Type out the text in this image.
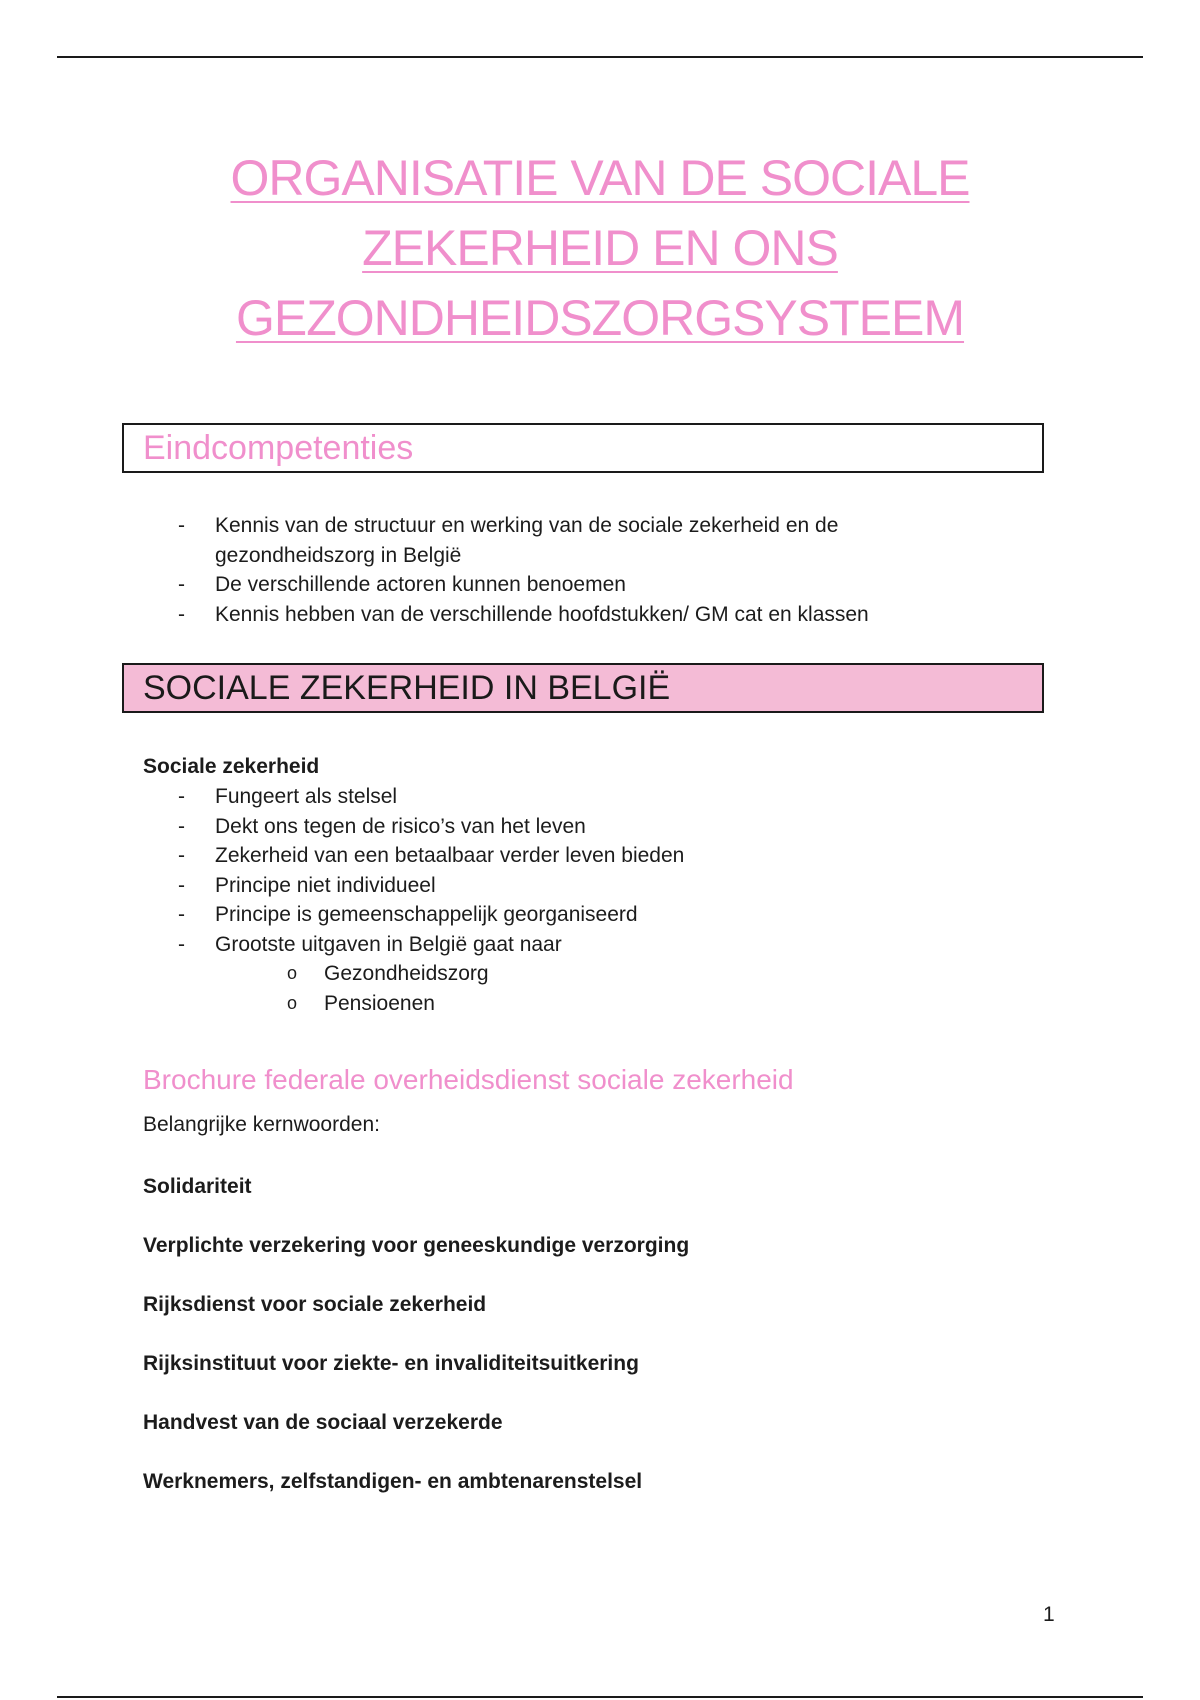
ORGANISATIE VAN DE SOCIALE
ZEKERHEID EN ONS
GEZONDHEIDSZORGSYSTEEM
Eindcompetenties
- Kennis van de structuur en werking van de sociale zekerheid en de gezondheidszorg in België
- De verschillende actoren kunnen benoemen
- Kennis hebben van de verschillende hoofdstukken/ GM cat en klassen
SOCIALE ZEKERHEID IN BELGIË

Sociale zekerheid

- Fungeert als stelsel
- Dekt ons tegen de risico’s van het leven
- Zekerheid van een betaalbaar verder leven bieden
- Principe niet individueel
- Principe is gemeenschappelijk georganiseerd
- Grootste uitgaven in België gaat naar
o Gezondheidszorg
o Pensioenen
Brochure federale overheidsdienst sociale zekerheid

Belangrijke kernwoorden:

Solidariteit
Verplichte verzekering voor geneeskundige verzorging
Rijksdienst voor sociale zekerheid
Rijksinstituut voor ziekte- en invaliditeitsuitkering
Handvest van de sociaal verzekerde
Werknemers, zelfstandigen- en ambtenarenstelsel
1
